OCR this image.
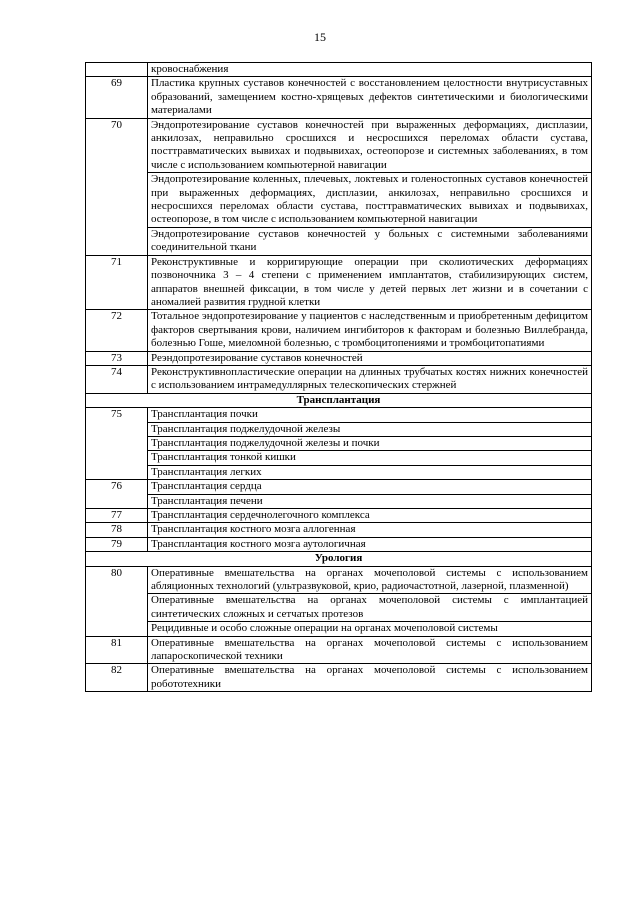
15
	кровоснабжения
69	Пластика крупных суставов конечностей с восстановлением целостности внутрисуставных образований, замещением костно-хрящевых дефектов синтетическими и биологическими материалами
70	Эндопротезирование суставов конечностей при выраженных деформациях, дисплазии, анкилозах, неправильно сросшихся и несросшихся переломах области сустава, посттравматических вывихах и подвывихах, остеопорозе и системных заболеваниях, в том числе с использованием компьютерной навигации
	Эндопротезирование коленных, плечевых, локтевых и голеностопных суставов конечностей при выраженных деформациях, дисплазии, анкилозах, неправильно сросшихся и несросшихся переломах области сустава, посттравматических вывихах и подвывихах, остеопорозе, в том числе с использованием компьютерной навигации
	Эндопротезирование суставов конечностей у больных с системными заболеваниями соединительной ткани
71	Реконструктивные и корригирующие операции при сколиотических деформациях позвоночника 3 – 4 степени с применением имплантатов, стабилизирующих систем, аппаратов внешней фиксации, в том числе у детей первых лет жизни и в сочетании с аномалией развития грудной клетки
72	Тотальное эндопротезирование у пациентов с наследственным и приобретенным дефицитом факторов свертывания крови, наличием ингибиторов к факторам и болезнью Виллебранда, болезнью Гоше, миеломной болезнью, с тромбоцитопениями и тромбоцитопатиями
73	Реэндопротезирование суставов конечностей
74	Реконструктивнопластические операции на длинных трубчатых костях нижних конечностей с использованием интрамедуллярных телескопических стержней
Трансплантация	
75	Трансплантация почки
	Трансплантация поджелудочной железы
	Трансплантация поджелудочной железы и почки
	Трансплантация тонкой кишки
	Трансплантация легких
76	Трансплантация сердца
	Трансплантация печени
77	Трансплантация сердечнолегочного комплекса
78	Трансплантация костного мозга аллогенная
79	Трансплантация костного мозга аутологичная
Урология	
80	Оперативные вмешательства на органах мочеполовой системы с использованием абляционных технологий (ультразвуковой, крио, радиочастотной, лазерной, плазменной)
	Оперативные вмешательства на органах мочеполовой системы с имплантацией синтетических сложных и сетчатых протезов
	Рецидивные и особо сложные операции на органах мочеполовой системы
81	Оперативные вмешательства на органах мочеполовой системы с использованием лапароскопической техники
82	Оперативные вмешательства на органах мочеполовой системы с использованием робототехники
